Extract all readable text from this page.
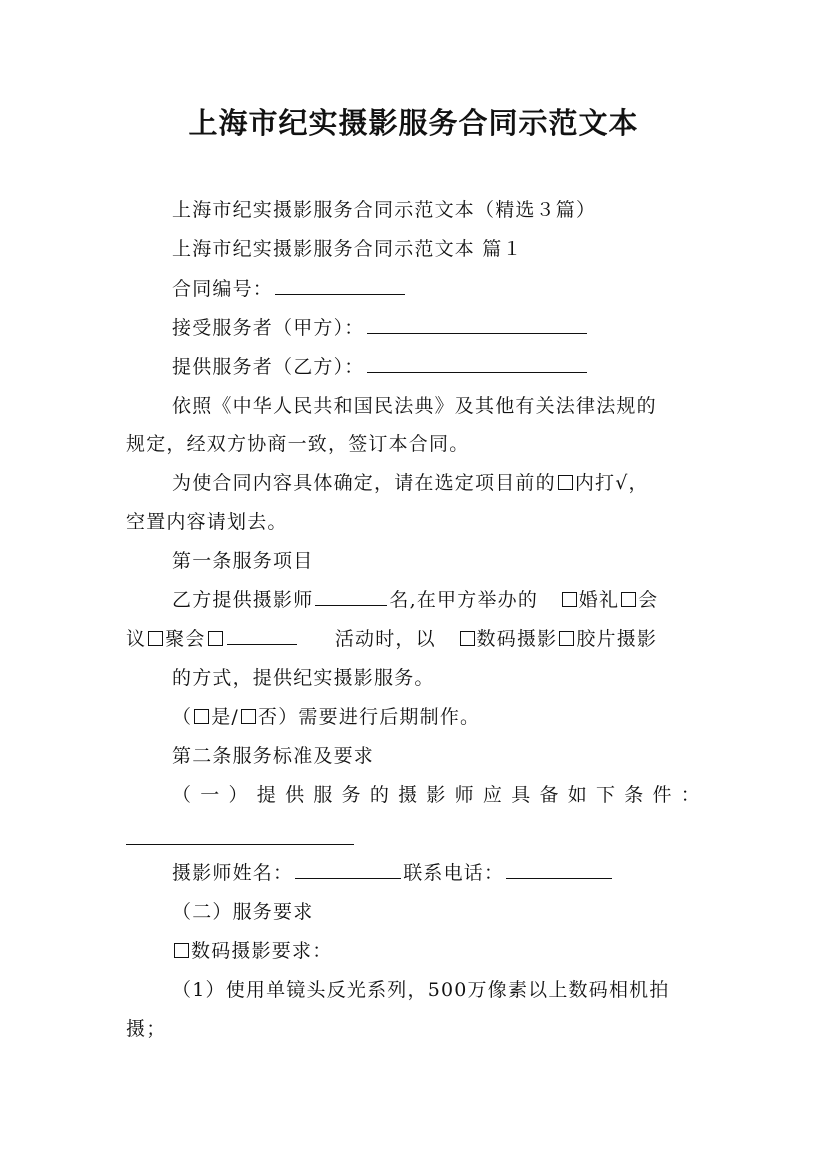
上海市纪实摄影服务合同示范文本
上海市纪实摄影服务合同示范文本（精选３篇）
上海市纪实摄影服务合同示范文本 篇１
合同编号：
接受服务者（甲方）：
提供服务者（乙方）：
依照《中华人民共和国民法典》及其他有关法律法规的
规定，经双方协商一致，签订本合同。
为使合同内容具体确定，请在选定项目前的 内打√，
空置内容请划去。
第一条服务项目
乙方提供摄影师	名,在甲方举办的 婚礼 会
议 聚会	活动时，以 数码摄影 胶片摄影
的方式，提供纪实摄影服务。
（ 是/ 否）需要进行后期制作。
第二条服务标准及要求
（ 一 ） 提 供 服 务 的 摄 影 师 应 具 备 如 下 条 件 ：
摄影师姓名：	联系电话：
（二）服务要求
数码摄影要求：
（1）使用单镜头反光系列，500万像素以上数码相机拍
摄；
